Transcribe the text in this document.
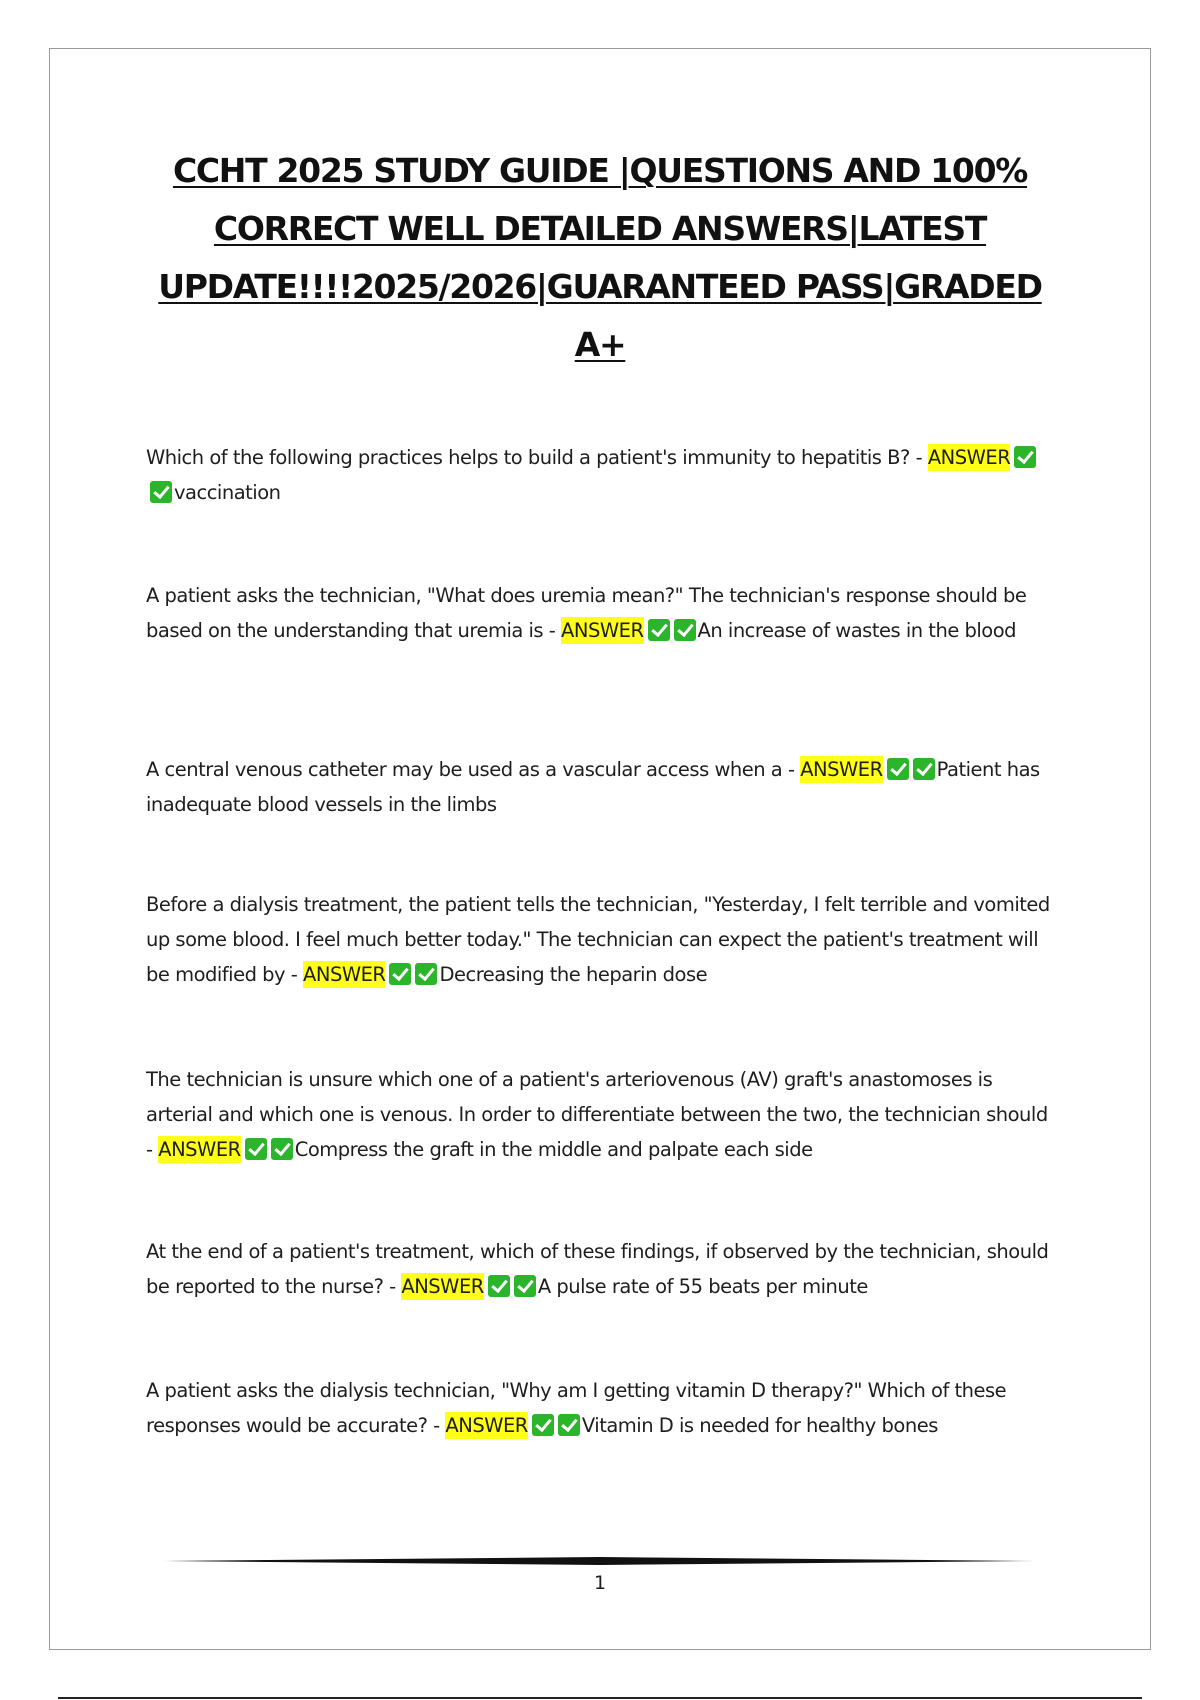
CCHT 2025 STUDY GUIDE |QUESTIONS AND 100% CORRECT WELL DETAILED ANSWERS|LATEST UPDATE!!!!2025/2026|GUARANTEED PASS|GRADED A+

Which of the following practices helps to build a patient's immunity to hepatitis B? - ANSWERvaccination

A patient asks the technician, "What does uremia mean?" The technician's response should be based on the understanding that uremia is - ANSWER	An increase of wastes in the blood

A central venous catheter may be used as a vascular access when a - ANSWER	Patient has inadequate blood vessels in the limbs

Before a dialysis treatment, the patient tells the technician, "Yesterday, I felt terrible and vomited up some blood. I feel much better today." The technician can expect the patient's treatment will be modified by - ANSWER	Decreasing the heparin dose

The technician is unsure which one of a patient's arteriovenous (AV) graft's anastomoses is arterial and which one is venous. In order to differentiate between the two, the technician should - ANSWER	Compress the graft in the middle and palpate each side

At the end of a patient's treatment, which of these findings, if observed by the technician, should be reported to the nurse? - ANSWER	A pulse rate of 55 beats per minute

A patient asks the dialysis technician, "Why am I getting vitamin D therapy?" Which of these responses would be accurate? - ANSWER	Vitamin D is needed for healthy bones

1
